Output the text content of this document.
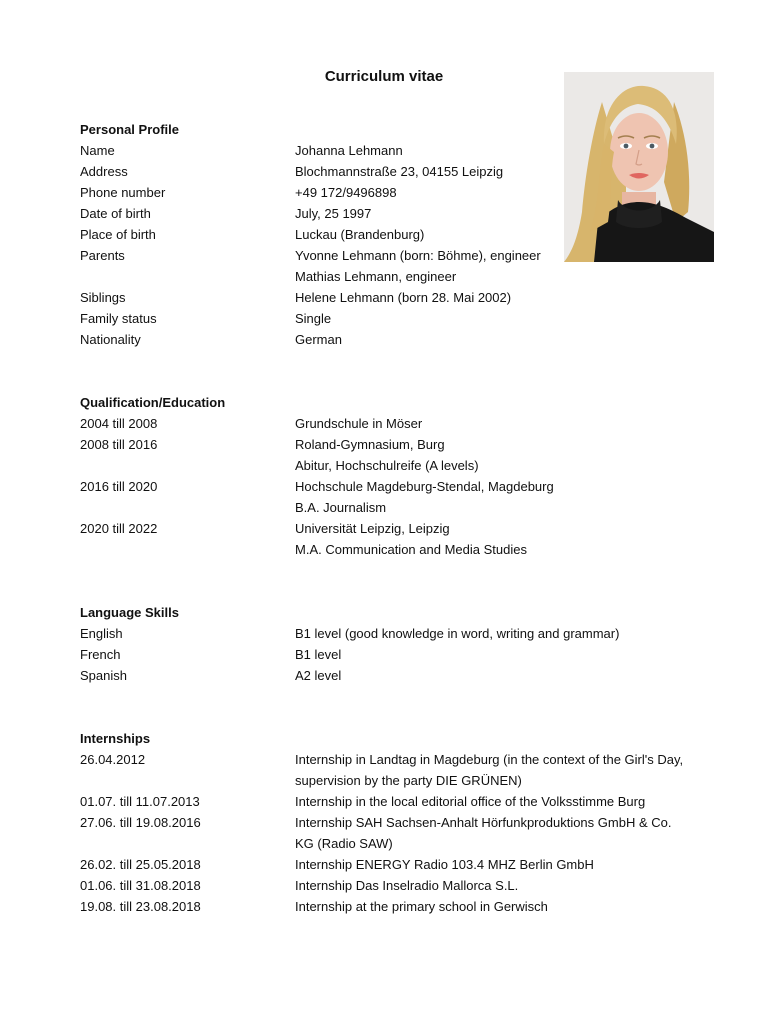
Curriculum vitae
Personal Profile
Name	Johanna Lehmann
Address	Blochmannstraße 23, 04155 Leipzig
Phone number	+49 172/9496898
Date of birth	July, 25 1997
Place of birth	Luckau (Brandenburg)
Parents	Yvonne Lehmann (born: Böhme), engineer
Mathias Lehmann, engineer
Siblings	Helene Lehmann (born 28. Mai 2002)
Family status	Single
Nationality	German
Qualification/Education
2004 till 2008	Grundschule in Möser
2008 till 2016	Roland-Gymnasium, Burg
Abitur, Hochschulreife (A levels)
2016 till 2020	Hochschule Magdeburg-Stendal, Magdeburg
B.A. Journalism
2020 till 2022	Universität Leipzig, Leipzig
M.A. Communication and Media Studies
Language Skills
English	B1 level (good knowledge in word, writing and grammar)
French	B1 level
Spanish	A2 level
Internships
26.04.2012	Internship in Landtag in Magdeburg (in the context of the Girl's Day,
supervision by the party DIE GRÜNEN)
01.07. till 11.07.2013	Internship in the local editorial office of the Volksstimme Burg
27.06. till 19.08.2016	Internship SAH Sachsen-Anhalt Hörfunkproduktions GmbH & Co.
KG (Radio SAW)
26.02. till 25.05.2018	Internship ENERGY Radio 103.4 MHZ Berlin GmbH
01.06. till 31.08.2018	Internship Das Inselradio Mallorca S.L.
19.08. till 23.08.2018	Internship at the primary school in Gerwisch
